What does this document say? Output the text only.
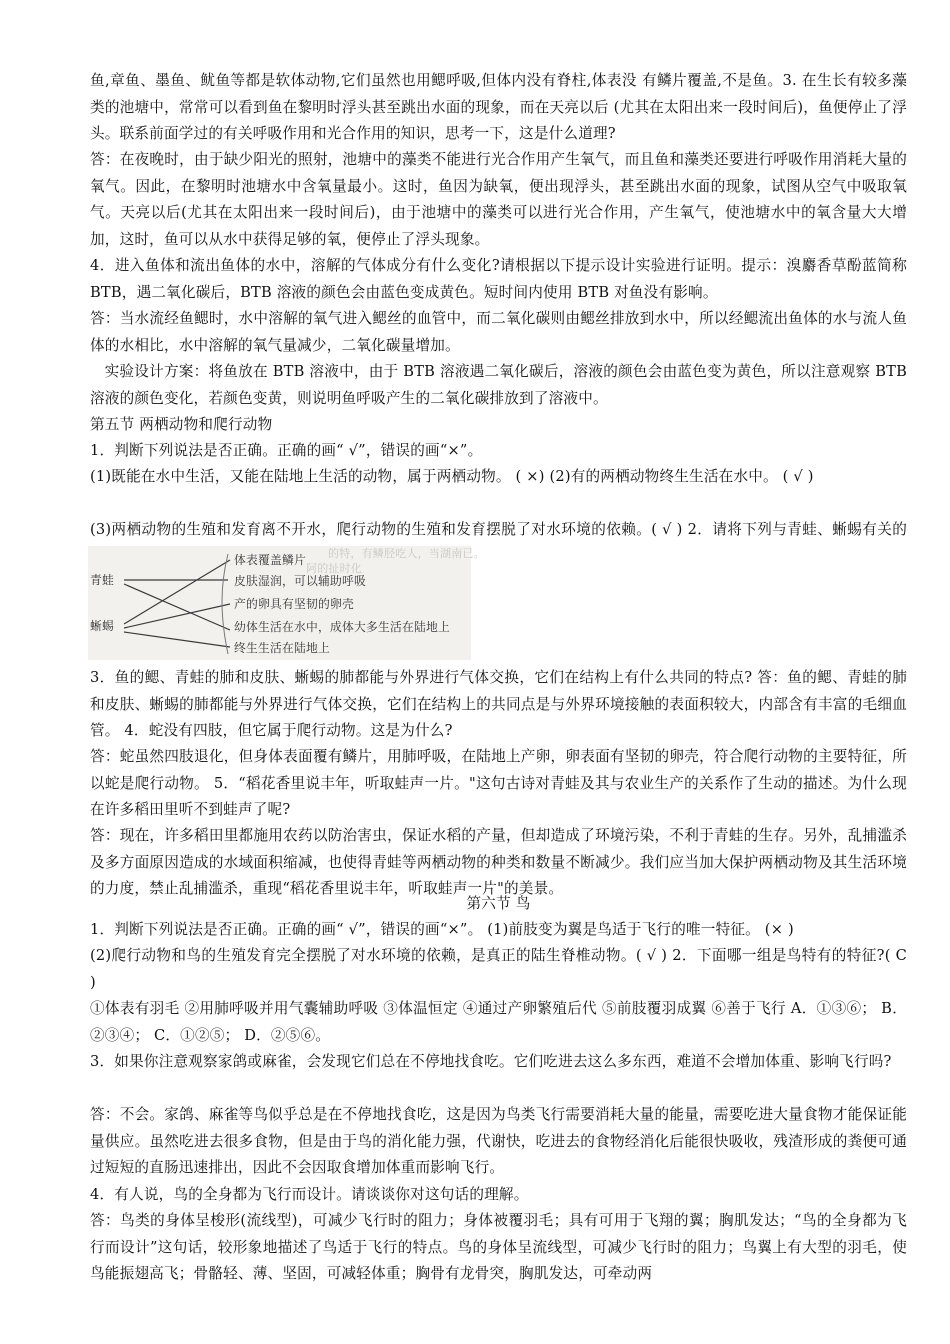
鱼,章鱼、墨鱼、鱿鱼等都是软体动物,它们虽然也用鳃呼吸,但体内没有脊柱,体表没 有鳞片覆盖,不是鱼。3. 在生长有较多藻类的池塘中，常常可以看到鱼在黎明时浮头甚至跳出水面的现象，而在天亮以后 (尤其在太阳出来一段时间后)，鱼便停止了浮头。联系前面学过的有关呼吸作用和光合作用的知识，思考一下，这是什么道理?

答：在夜晚时，由于缺少阳光的照射，池塘中的藻类不能进行光合作用产生氧气，而且鱼和藻类还要进行呼吸作用消耗大量的氧气。因此，在黎明时池塘水中含氧量最小。这时，鱼因为缺氧，便出现浮头，甚至跳出水面的现象，试图从空气中吸取氧气。天亮以后(尤其在太阳出来一段时间后)，由于池塘中的藻类可以进行光合作用，产生氧气，使池塘水中的氧含量大大增加，这时，鱼可以从水中获得足够的氧，便停止了浮头现象。

4．进入鱼体和流出鱼体的水中，溶解的气体成分有什么变化?请根据以下提示设计实验进行证明。提示：溴麝香草酚蓝简称 BTB，遇二氧化碳后，BTB 溶液的颜色会由蓝色变成黄色。短时间内使用 BTB 对鱼没有影响。

答：当水流经鱼鳃时，水中溶解的氧气进入鳃丝的血管中，而二氧化碳则由鳃丝排放到水中，所以经鳃流出鱼体的水与流人鱼体的水相比，水中溶解的氧气量减少，二氧化碳量增加。

实验设计方案：将鱼放在 BTB 溶液中，由于 BTB 溶液遇二氧化碳后，溶液的颜色会由蓝色变为黄色，所以注意观察 BTB 溶液的颜色变化，若颜色变黄，则说明鱼呼吸产生的二氧化碳排放到了溶液中。

第五节 两栖动物和爬行动物

1．判断下列说法是否正确。正确的画“ √”，错误的画“×”。

(1)既能在水中生活，又能在陆地上生活的动物，属于两栖动物。 ( ×) (2)有的两栖动物终生生活在水中。 ( √ )

(3)两栖动物的生殖和发育离不开水，爬行动物的生殖和发育摆脱了对水环境的依赖。( √ ) 2．请将下列与青蛙、蜥蜴有关的

的特，有鳞胫吃人，当湖南已。
阿的扯时化
青蛙
蜥蜴
体表覆盖鳞片
皮肤湿润，可以辅助呼吸
产的卵具有坚韧的卵壳
幼体生活在水中，成体大多生活在陆地上
终生生活在陆地上

3．鱼的鳃、青蛙的肺和皮肤、蜥蜴的肺都能与外界进行气体交换，它们在结构上有什么共同的特点? 答：鱼的鳃、青蛙的肺和皮肤、蜥蜴的肺都能与外界进行气体交换，它们在结构上的共同点是与外界环境接触的表面积较大，内部含有丰富的毛细血管。 4．蛇没有四肢，但它属于爬行动物。这是为什么?

答：蛇虽然四肢退化，但身体表面覆有鳞片，用肺呼吸，在陆地上产卵，卵表面有坚韧的卵壳，符合爬行动物的主要特征，所以蛇是爬行动物。 5．“稻花香里说丰年，听取蛙声一片。"这句古诗对青蛙及其与农业生产的关系作了生动的描述。为什么现在许多稻田里听不到蛙声了呢?

答：现在，许多稻田里都施用农药以防治害虫，保证水稻的产量，但却造成了环境污染，不利于青蛙的生存。另外，乱捕滥杀及多方面原因造成的水域面积缩减，也使得青蛙等两栖动物的种类和数量不断减少。我们应当加大保护两栖动物及其生活环境的力度，禁止乱捕滥杀，重现“稻花香里说丰年，听取蛙声一片"的美景。

第六节 鸟

1．判断下列说法是否正确。正确的画“ √”，错误的画“×”。 (1)前肢变为翼是鸟适于飞行的唯一特征。 (× )

(2)爬行动物和鸟的生殖发育完全摆脱了对水环境的依赖，是真正的陆生脊椎动物。( √ ) 2．下面哪一组是鸟特有的特征?( C )

①体表有羽毛 ②用肺呼吸并用气囊辅助呼吸 ③体温恒定 ④通过产卵繁殖后代 ⑤前肢覆羽成翼 ⑥善于飞行 A．①③⑥； B．②③④； C．①②⑤； D．②⑤⑥。

3．如果你注意观察家鸽或麻雀，会发现它们总在不停地找食吃。它们吃进去这么多东西，难道不会增加体重、影响飞行吗?

答：不会。家鸽、麻雀等鸟似乎总是在不停地找食吃，这是因为鸟类飞行需要消耗大量的能量，需要吃进大量食物才能保证能量供应。虽然吃进去很多食物，但是由于鸟的消化能力强，代谢快，吃进去的食物经消化后能很快吸收，残渣形成的粪便可通过短短的直肠迅速排出，因此不会因取食增加体重而影响飞行。

4．有人说，鸟的全身都为飞行而设计。请谈谈你对这句话的理解。

答：鸟类的身体呈梭形(流线型)，可减少飞行时的阻力；身体被覆羽毛；具有可用于飞翔的翼；胸肌发达；“鸟的全身都为飞行而设计”这句话，较形象地描述了鸟适于飞行的特点。鸟的身体呈流线型，可减少飞行时的阻力；鸟翼上有大型的羽毛，使鸟能振翅高飞；骨骼轻、薄、坚固，可减轻体重；胸骨有龙骨突，胸肌发达，可牵动两
